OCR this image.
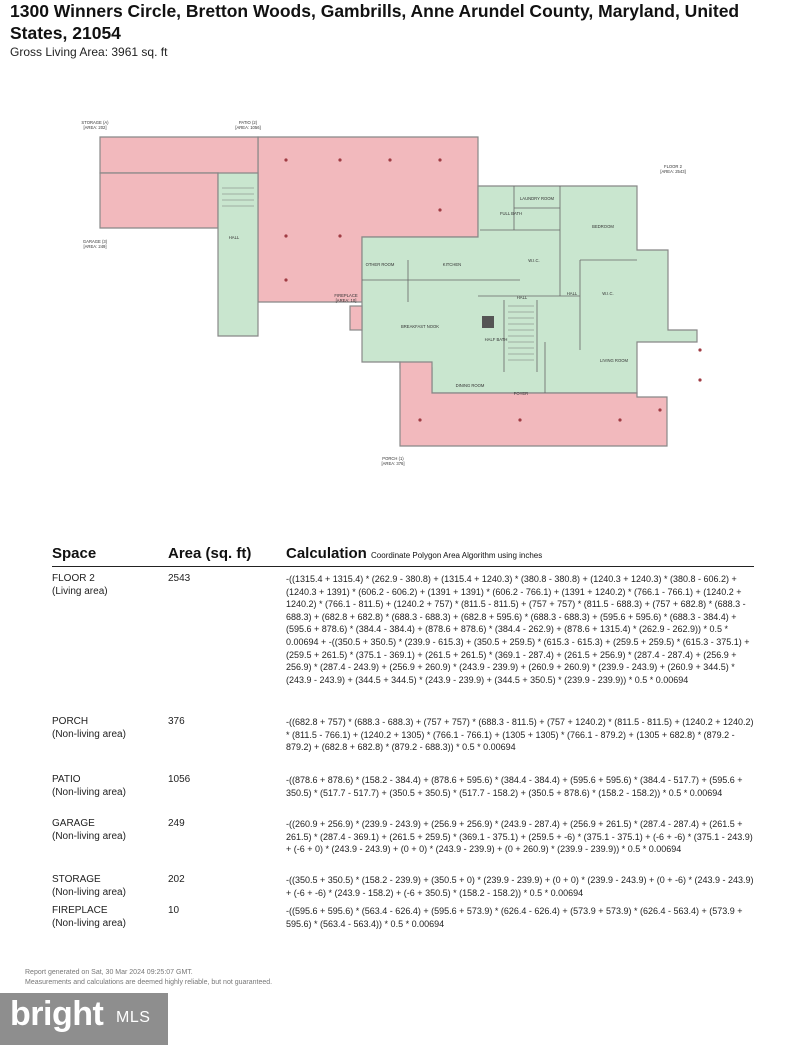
1300 Winners Circle, Bretton Woods, Gambrills, Anne Arundel County, Maryland, United States, 21054
Gross Living Area: 3961 sq. ft
STORAGE (A)
[AREA: 202]
PATIO (2)
[AREA: 1056]
FLOOR 2
[AREA: 2543]
GARAGE (3)
[AREA: 249]
PORCH (1)
[AREA: 376]
FIREPLACE
[AREA: 10]
LAUNDRY ROOM
FULL BATH
BEDROOM
HALL
OTHER ROOM	KITCHEN
W.I.C.
HALL
HALL	W.I.C.
BREAKFAST NOOK
HALF BATH
LIVING ROOM
DINING ROOM
FOYER
Space	Area (sq. ft) Calculation Coordinate Polygon Area Algorithm using inches
FLOOR 2
(Living area)
2543	-((1315.4 + 1315.4) * (262.9 - 380.8) + (1315.4 + 1240.3) * (380.8 - 380.8) + (1240.3 + 1240.3) * (380.8 - 606.2) + (1240.3 + 1391) * (606.2 - 606.2) + (1391 + 1391) * (606.2 - 766.1) + (1391 + 1240.2) * (766.1 - 766.1) + (1240.2 + 1240.2) * (766.1 - 811.5) + (1240.2 + 757) * (811.5 - 811.5) + (757 + 757) * (811.5 - 688.3) + (757 + 682.8) * (688.3 - 688.3) + (682.8 + 682.8) * (688.3 - 688.3) + (682.8 + 595.6) * (688.3 - 688.3) + (595.6 + 595.6) * (688.3 - 384.4) + (595.6 + 878.6) * (384.4 - 384.4) + (878.6 + 878.6) * (384.4 - 262.9) + (878.6 + 1315.4) * (262.9 - 262.9)) * 0.5 * 0.00694 + -((350.5 + 350.5) * (239.9 - 615.3) + (350.5 + 259.5) * (615.3 - 615.3) + (259.5 + 259.5) * (615.3 - 375.1) + (259.5 + 261.5) * (375.1 - 369.1) + (261.5 + 261.5) * (369.1 - 287.4) + (261.5 + 256.9) * (287.4 - 287.4) + (256.9 + 256.9) * (287.4 - 243.9) + (256.9 + 260.9) * (243.9 - 239.9) + (260.9 + 260.9) * (239.9 - 243.9) + (260.9 + 344.5) * (243.9 - 243.9) + (344.5 + 344.5) * (243.9 - 239.9) + (344.5 + 350.5) * (239.9 - 239.9)) * 0.5 * 0.00694
PORCH
(Non-living area)
376	-((682.8 + 757) * (688.3 - 688.3) + (757 + 757) * (688.3 - 811.5) + (757 + 1240.2) * (811.5 - 811.5) + (1240.2 + 1240.2) * (811.5 - 766.1) + (1240.2 + 1305) * (766.1 - 766.1) + (1305 + 1305) * (766.1 - 879.2) + (1305 + 682.8) * (879.2 - 879.2) + (682.8 + 682.8) * (879.2 - 688.3)) * 0.5 * 0.00694
PATIO
(Non-living area)
1056	-((878.6 + 878.6) * (158.2 - 384.4) + (878.6 + 595.6) * (384.4 - 384.4) + (595.6 + 595.6) * (384.4 - 517.7) + (595.6 + 350.5) * (517.7 - 517.7) + (350.5 + 350.5) * (517.7 - 158.2) + (350.5 + 878.6) * (158.2 - 158.2)) * 0.5 * 0.00694
GARAGE
(Non-living area)
249	-((260.9 + 256.9) * (239.9 - 243.9) + (256.9 + 256.9) * (243.9 - 287.4) + (256.9 + 261.5) * (287.4 - 287.4) + (261.5 + 261.5) * (287.4 - 369.1) + (261.5 + 259.5) * (369.1 - 375.1) + (259.5 + -6) * (375.1 - 375.1) + (-6 + -6) * (375.1 - 243.9) + (-6 + 0) * (243.9 - 243.9) + (0 + 0) * (243.9 - 239.9) + (0 + 260.9) * (239.9 - 239.9)) * 0.5 * 0.00694
STORAGE
(Non-living area)
202	-((350.5 + 350.5) * (158.2 - 239.9) + (350.5 + 0) * (239.9 - 239.9) + (0 + 0) * (239.9 - 243.9) + (0 + -6) * (243.9 - 243.9) + (-6 + -6) * (243.9 - 158.2) + (-6 + 350.5) * (158.2 - 158.2)) * 0.5 * 0.00694
FIREPLACE
(Non-living area)
10	-((595.6 + 595.6) * (563.4 - 626.4) + (595.6 + 573.9) * (626.4 - 626.4) + (573.9 + 573.9) * (626.4 - 563.4) + (573.9 + 595.6) * (563.4 - 563.4)) * 0.5 * 0.00694
Report generated on Sat, 30 Mar 2024 09:25:07 GMT.
Measurements and calculations are deemed highly reliable, but not guaranteed.
bright MLS
